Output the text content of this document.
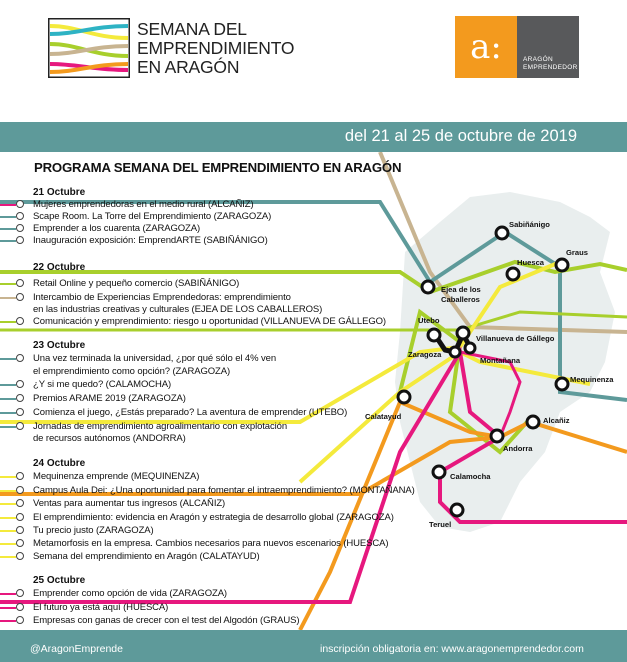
SEMANA DEL
EMPRENDIMIENTO
EN ARAGÓN	a:	ARAGÓN
EMPRENDEDOR
del 21 al 25 de octubre de 2019
Sabiñánigo
Huesca
Graus
Ejea de los
Caballeros
Utebo
Villanueva de Gállego
Zaragoza
Montañana
Mequinenza
Calatayud	Alcañiz
Andorra
Calamocha
Teruel
PROGRAMA SEMANA DEL EMPRENDIMIENTO EN ARAGÓN
21 Octubre
Mujeres emprendedoras en el medio rural (ALCAÑIZ)
Scape Room. La Torre del Emprendimiento (ZARAGOZA)
Emprender a los cuarenta (ZARAGOZA)
Inauguración exposición: EmprendARTE (SABIÑÁNIGO)
22 Octubre
Retail Online y pequeño comercio (SABIÑÁNIGO)
Intercambio de Experiencias Emprendedoras: emprendimiento
en las industrias creativas y culturales (EJEA DE LOS CABALLEROS)
Comunicación y emprendimiento: riesgo u oportunidad (VILLANUEVA DE GÁLLEGO)
23 Octubre
Una vez terminada la universidad, ¿por qué sólo el 4% ven
el emprendimiento como opción? (ZARAGOZA)
¿Y si me quedo? (CALAMOCHA)
Premios ARAME 2019 (ZARAGOZA)
Comienza el juego, ¿Estás preparado? La aventura de emprender (UTEBO)
Jornadas de emprendimiento agroalimentario con explotación
de recursos autónomos (ANDORRA)
24 Octubre
Mequinenza emprende (MEQUINENZA)
Campus Aula Dei: ¿Una oportunidad para fomentar el intraemprendimiento? (MONTAÑANA)
Ventas para aumentar tus ingresos (ALCAÑIZ)
El emprendimiento: evidencia en Aragón y estrategia de desarrollo global (ZARAGOZA)
Tu precio justo (ZARAGOZA)
Metamorfosis en la empresa. Cambios necesarios para nuevos escenarios (HUESCA)
Semana del emprendimiento en Aragón (CALATAYUD)
25 Octubre
Emprender como opción de vida (ZARAGOZA)
El futuro ya está aquí (HUESCA)
Empresas con ganas de crecer con el test del Algodón (GRAUS)
@AragonEmprende	inscripción obligatoria en: www.aragonemprendedor.com
